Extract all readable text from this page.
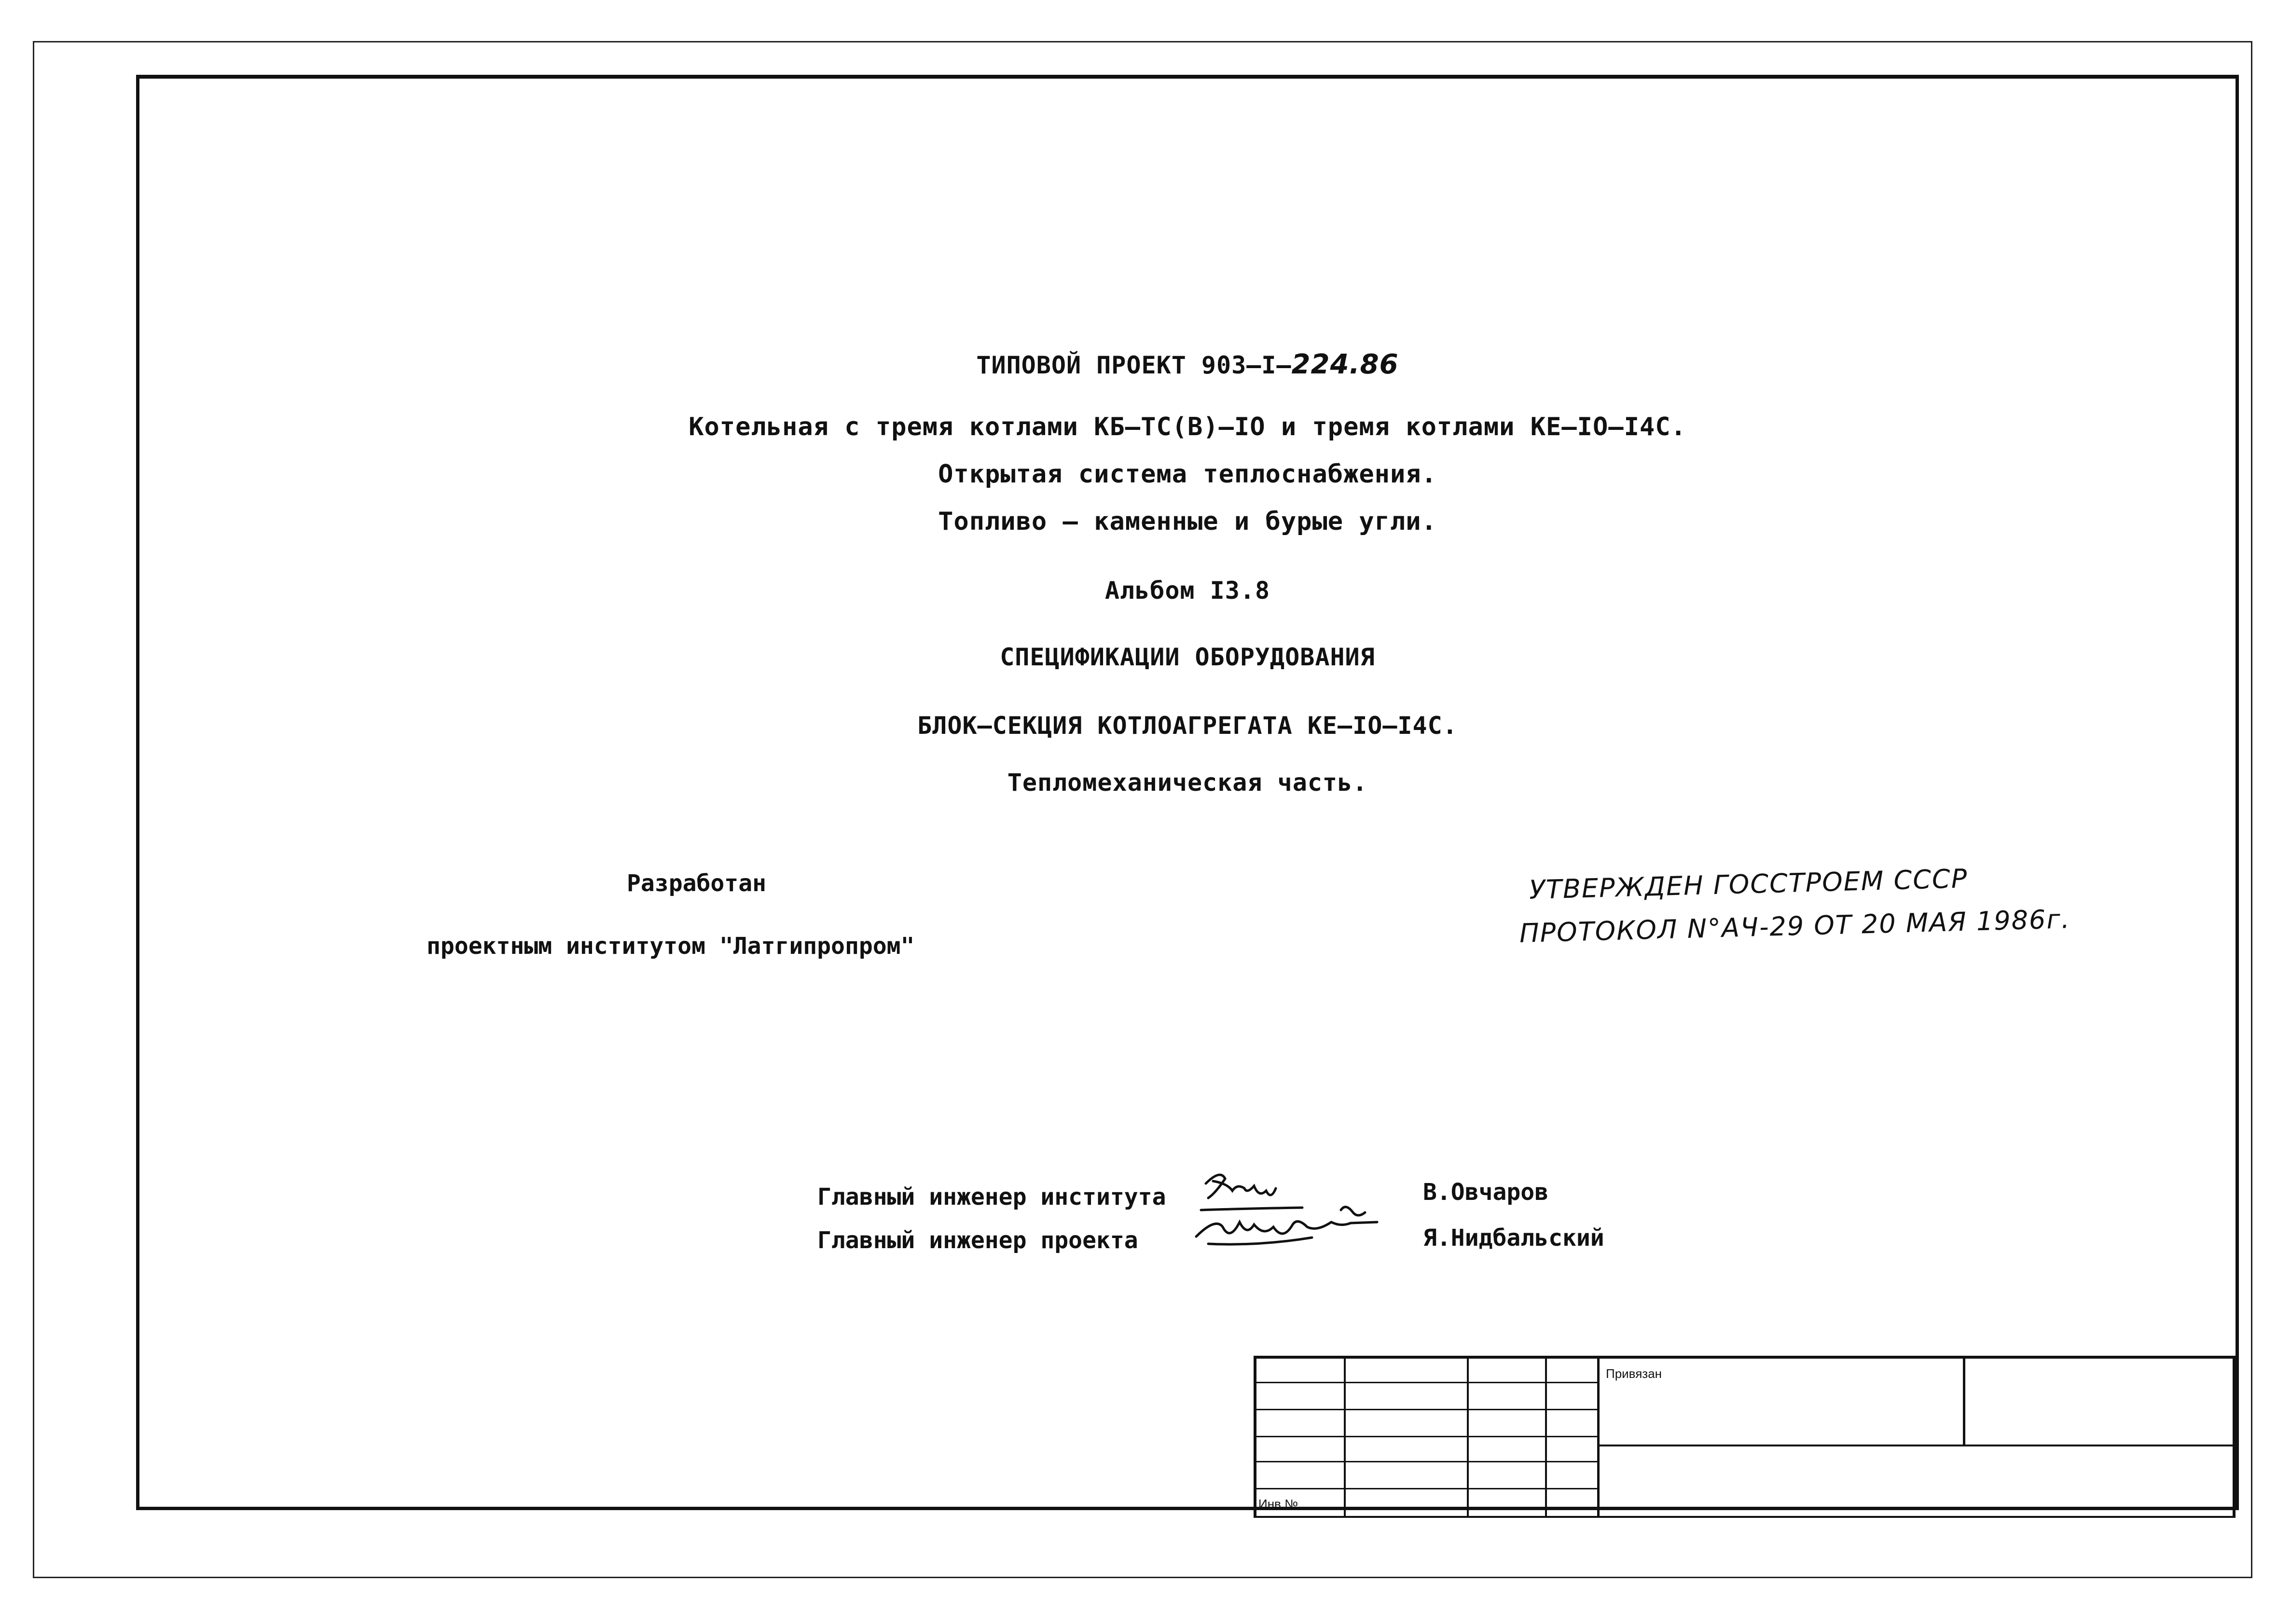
ТИПОВОЙ ПРОЕКТ 903–I–224.86
Котельная с тремя котлами КБ–ТС(В)–IO и тремя котлами КЕ–IO–I4C.
Открытая система теплоснабжения.
Топливо – каменные и бурые угли.
Альбом I3.8
СПЕЦИФИКАЦИИ ОБОРУДОВАНИЯ
БЛОК–СЕКЦИЯ КОТЛОАГРЕГАТА КЕ–IO–I4C.
Тепломеханическая часть.
Разработан
проектным институтом "Латгипропром"
УТВЕРЖДЕН ГОССТРОЕМ СССР
ПРОТОКОЛ N°АЧ-29 ОТ 20 МАЯ 1986г.
Главный инженер института
Главный инженер проекта
В.Овчаров
Я.Нидбальский
Привязан
Инв №
